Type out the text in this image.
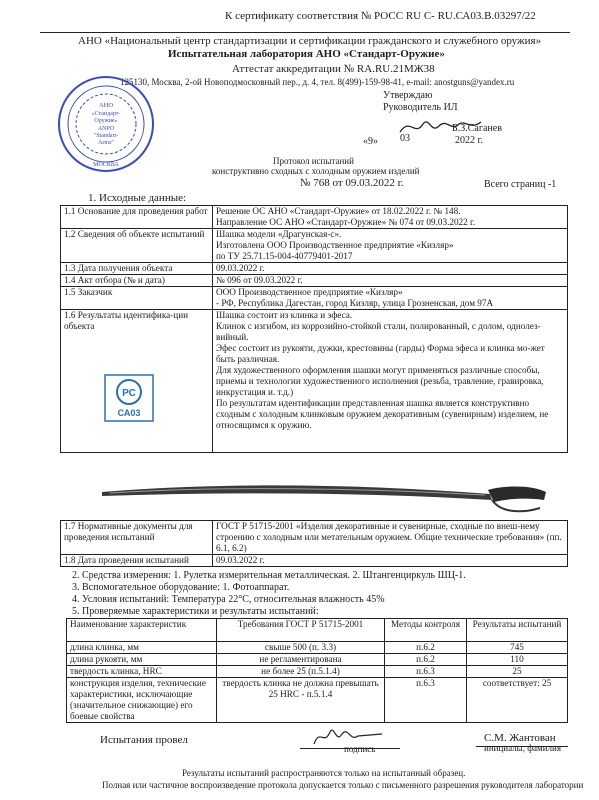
К сертификату соответствия № РОСС RU С- RU.СА03.В.03297/22
АНО «Национальный центр стандартизации и сертификации гражданского и служебного оружия»
Испытательная лаборатория АНО «Стандарт-Оружие»
Аттестат аккредитации № RA.RU.21МЖ38
125130, Москва, 2-ой Новоподмосковный пер., д. 4, тел. 8(499)-159-98-41, e-mail: anostguns@yandex.ru
АНО
«Стандарт-
Оружие»
ANPO
"Standart-
Arms"
МОСКВА
Утверждаю
Руководитель ИЛ
«9» 03
Б.З.Саганев
2022 г.
Протокол испытаний
конструктивно сходных с холодным оружием изделий
№ 768 от 09.03.2022 г.	Всего страниц -1
1. Исходные данные:
1.1 Основание для проведения работ	Решение ОС АНО «Стандарт-Оружие» от 18.02.2022 г. № 148.
Направление ОС АНО «Стандарт-Оружие» № 074 от 09.03.2022 г.
1.2 Сведения об объекте испытаний	Шашка модели «Драгунская-с».
Изготовлена ООО Производственное предприятие «Кизляр»
по ТУ 25.71.15-004-40779401-2017
1.3 Дата получения объекта	09.03.2022 г.
1.4 Акт отбора (№ и дата)	№ 096 от 09.03.2022 г.
1.5 Заказчик	ООО Производственное предприятие «Кизляр»
- РФ, Республика Дагестан, город Кизляр, улица Грозненская, дом 97А
1.6 Результаты идентифика-ции объекта	Шашка состоит из клинка и эфеса.
Клинок с изгибом, из коррозийно-стойкой стали, полированный, с долом, однолез-вийный.
Эфес состоит из рукояти, дужки, крестовины (гарды) Форма эфеса и клинка мо-жет быть различная.
Для художественного оформления шашки могут применяться различные способы, приемы и технологии художественного исполнения (резьба, травление, гравировка, инкрустация и. т.д.)
По результатам идентификации представленная шашка является конструктивно сходным с холодным клинковым оружием декоративным (сувенирным) изделием, не относящимся к оружию.
РС
СА03
1.7 Нормативные документы для проведения испытаний	ГОСТ Р 51715-2001 «Изделия декоративные и сувенирные, сходные по внеш-нему строению с холодным или метательным оружием. Общие технические требования» (пп. 6.1, 6.2)
1.8 Дата проведения испытаний	09.03.2022 г.
2. Средства измерения: 1. Рулетка измерительная металлическая. 2. Штангенциркуль ШЦ-1.
3. Вспомогательное оборудование: 1. Фотоаппарат.
4. Условия испытаний: Температура 22°С, относительная влажность 45%
5. Проверяемые характеристики и результаты испытаний:
Наименование характеристик	Требования ГОСТ Р 51715-2001	Методы контроля	Результаты испытаний
длина клинка, мм	свыше 500 (п. 3.3)	п.6.2	745
длина рукояти, мм	не регламентирована	п.6.2	110
твердость клинка, HRC	не более 25 (п.5.1.4)	п.6.3	25
конструкция изделия, технические характеристики, исключающие (значительное снижающие) его боевые свойства	твердость клинка не должна превышать 25 HRC - п.5.1.4	п.6.3	соответствует: 25
Испытания провел
подпись
С.М. Жантован
инициалы, фамилия
Результаты испытаний распространяются только на испытанный образец.
Полная или частичное воспроизведение протокола допускается только с письменного разрешения руководителя лаборатории
